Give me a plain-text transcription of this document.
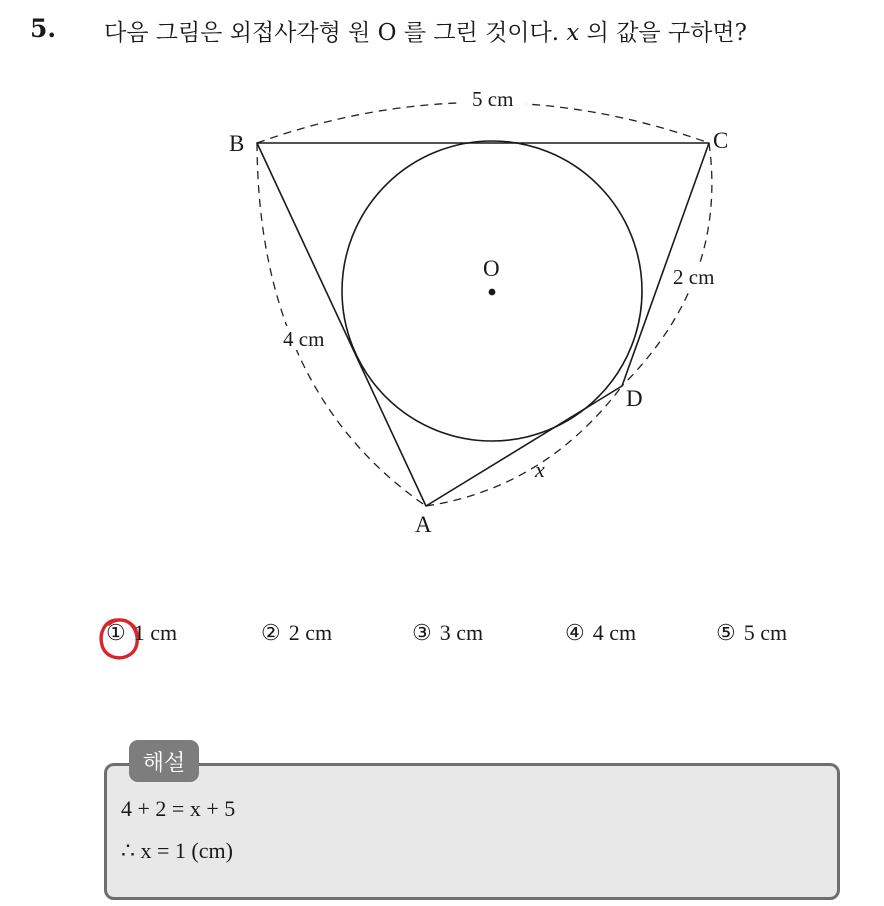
5. 다음 그림은 외접사각형 원 O 를 그린 것이다. x 의 값을 구하면?
B	C
A
D
O
x
5 cm
4 cm
2 cm
① 1 cm	② 2 cm	③ 3 cm	④ 4 cm	⑤ 5 cm
해설
4 + 2 = x + 5
∴ x = 1 (cm)
